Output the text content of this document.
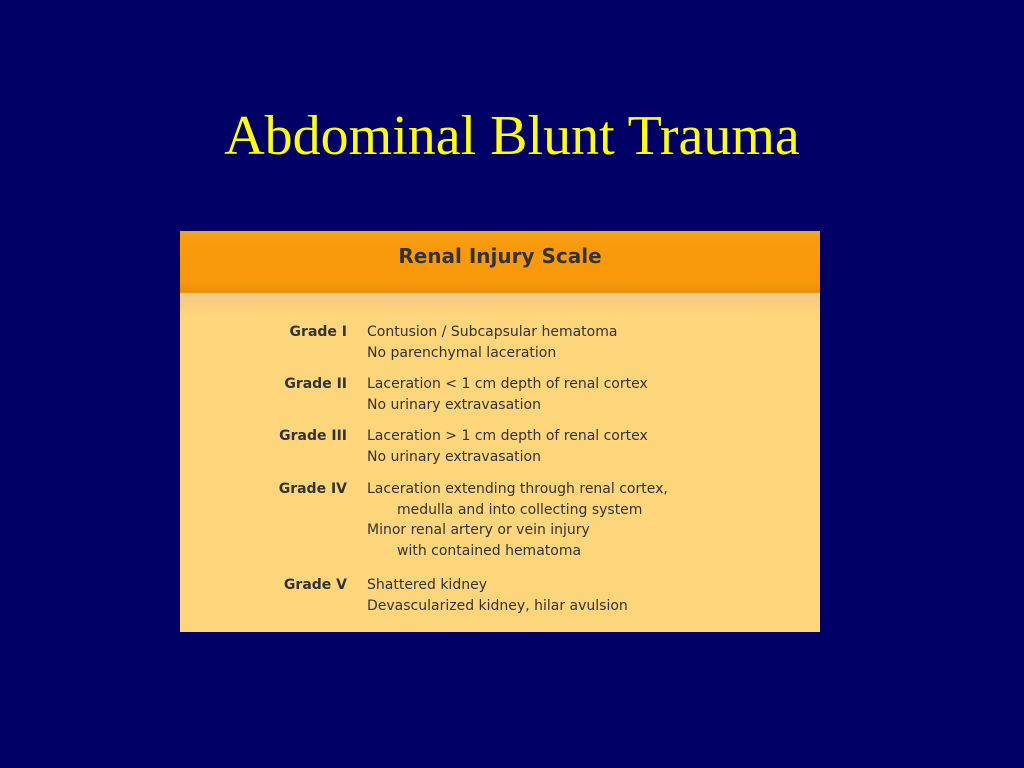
Abdominal Blunt Trauma
Renal Injury Scale
Grade I Contusion / Subcapsular hematoma
No parenchymal laceration
Grade II Laceration < 1 cm depth of renal cortex
No urinary extravasation
Grade III Laceration > 1 cm depth of renal cortex
No urinary extravasation
Grade IV Laceration extending through renal cortex,
medulla and into collecting system
Minor renal artery or vein injury
with contained hematoma
Grade V Shattered kidney
Devascularized kidney, hilar avulsion
